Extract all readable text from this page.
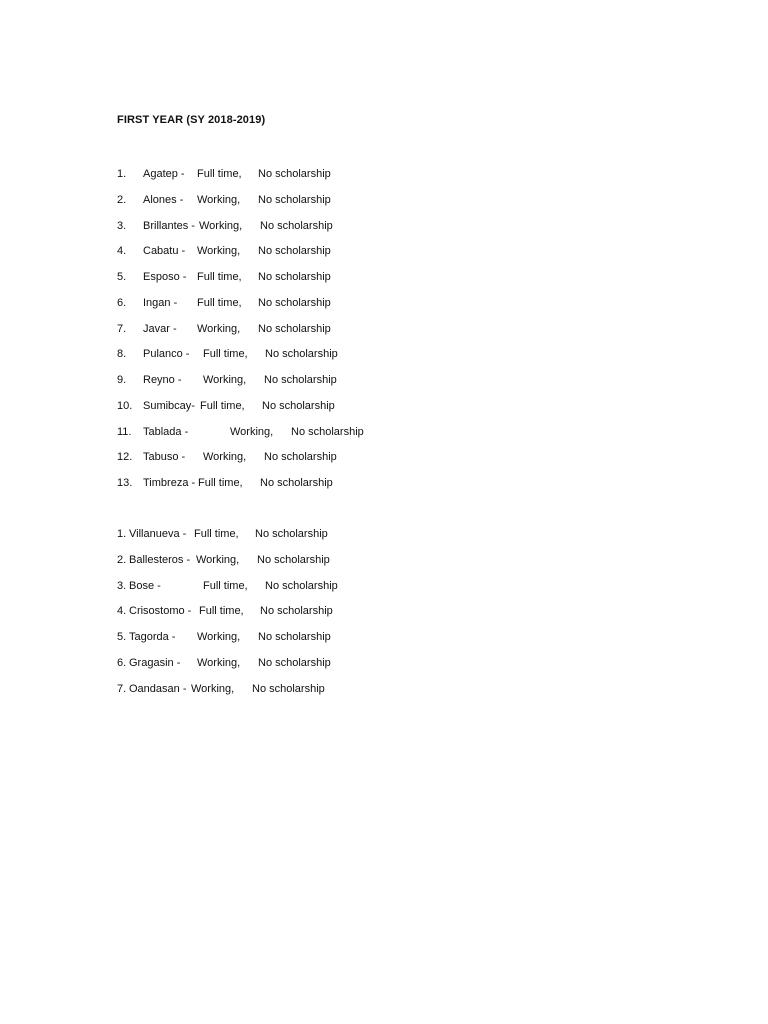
FIRST YEAR (SY 2018-2019)
1. Agatep - Full time, No scholarship
2. Alones - Working, No scholarship
3. Brillantes - Working, No scholarship
4. Cabatu - Working, No scholarship
5. Esposo - Full time, No scholarship
6. Ingan - Full time, No scholarship
7. Javar - Working, No scholarship
8. Pulanco - Full time, No scholarship
9. Reyno - Working, No scholarship
10. Sumibcay- Full time, No scholarship
11. Tablada -	Working, No scholarship
12. Tabuso - Working, No scholarship
13. Timbreza - Full time, No scholarship
1. Villanueva - Full time, No scholarship
2. Ballesteros - Working, No scholarship
3. Bose -	Full time, No scholarship
4. Crisostomo - Full time, No scholarship
5. Tagorda - Working, No scholarship
6. Gragasin - Working, No scholarship
7. Oandasan - Working, No scholarship
